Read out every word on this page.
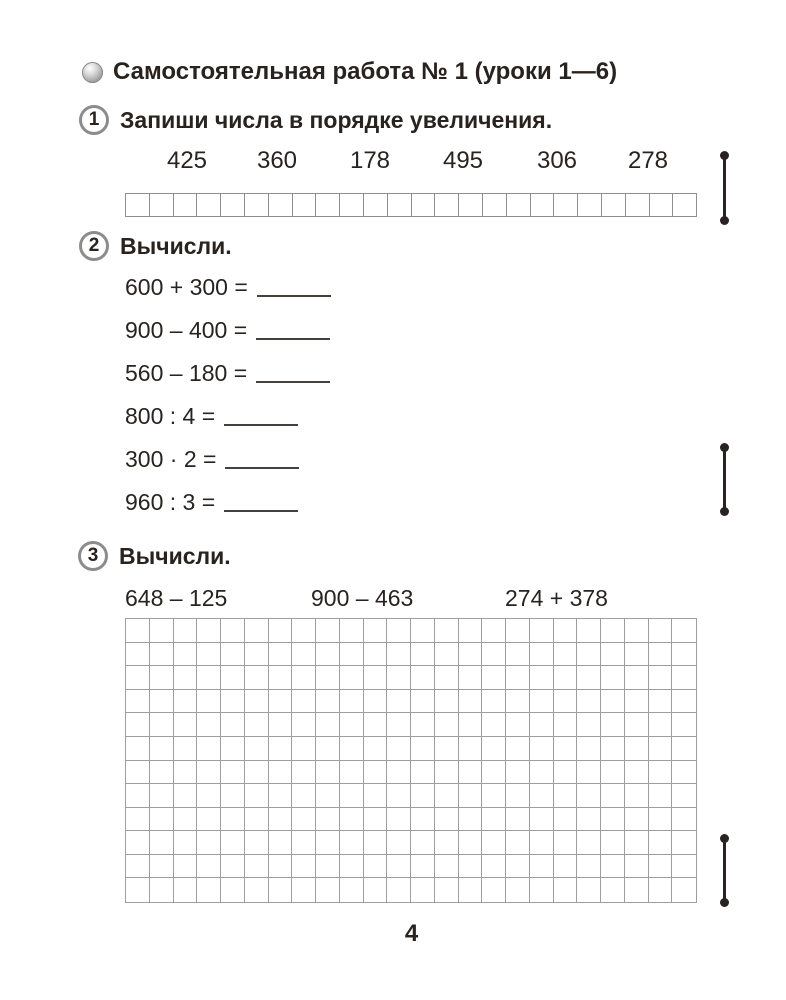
Самостоятельная работа № 1 (уроки 1—6)
1 Запиши числа в порядке увеличения.
425 360 178 495 306 278
2 Вычисли.
600 + 300 =
900 – 400 =
560 – 180 =
800 : 4 =
300 · 2 =
960 : 3 =
3 Вычисли.
648 – 125	900 – 463	274 + 378
4
